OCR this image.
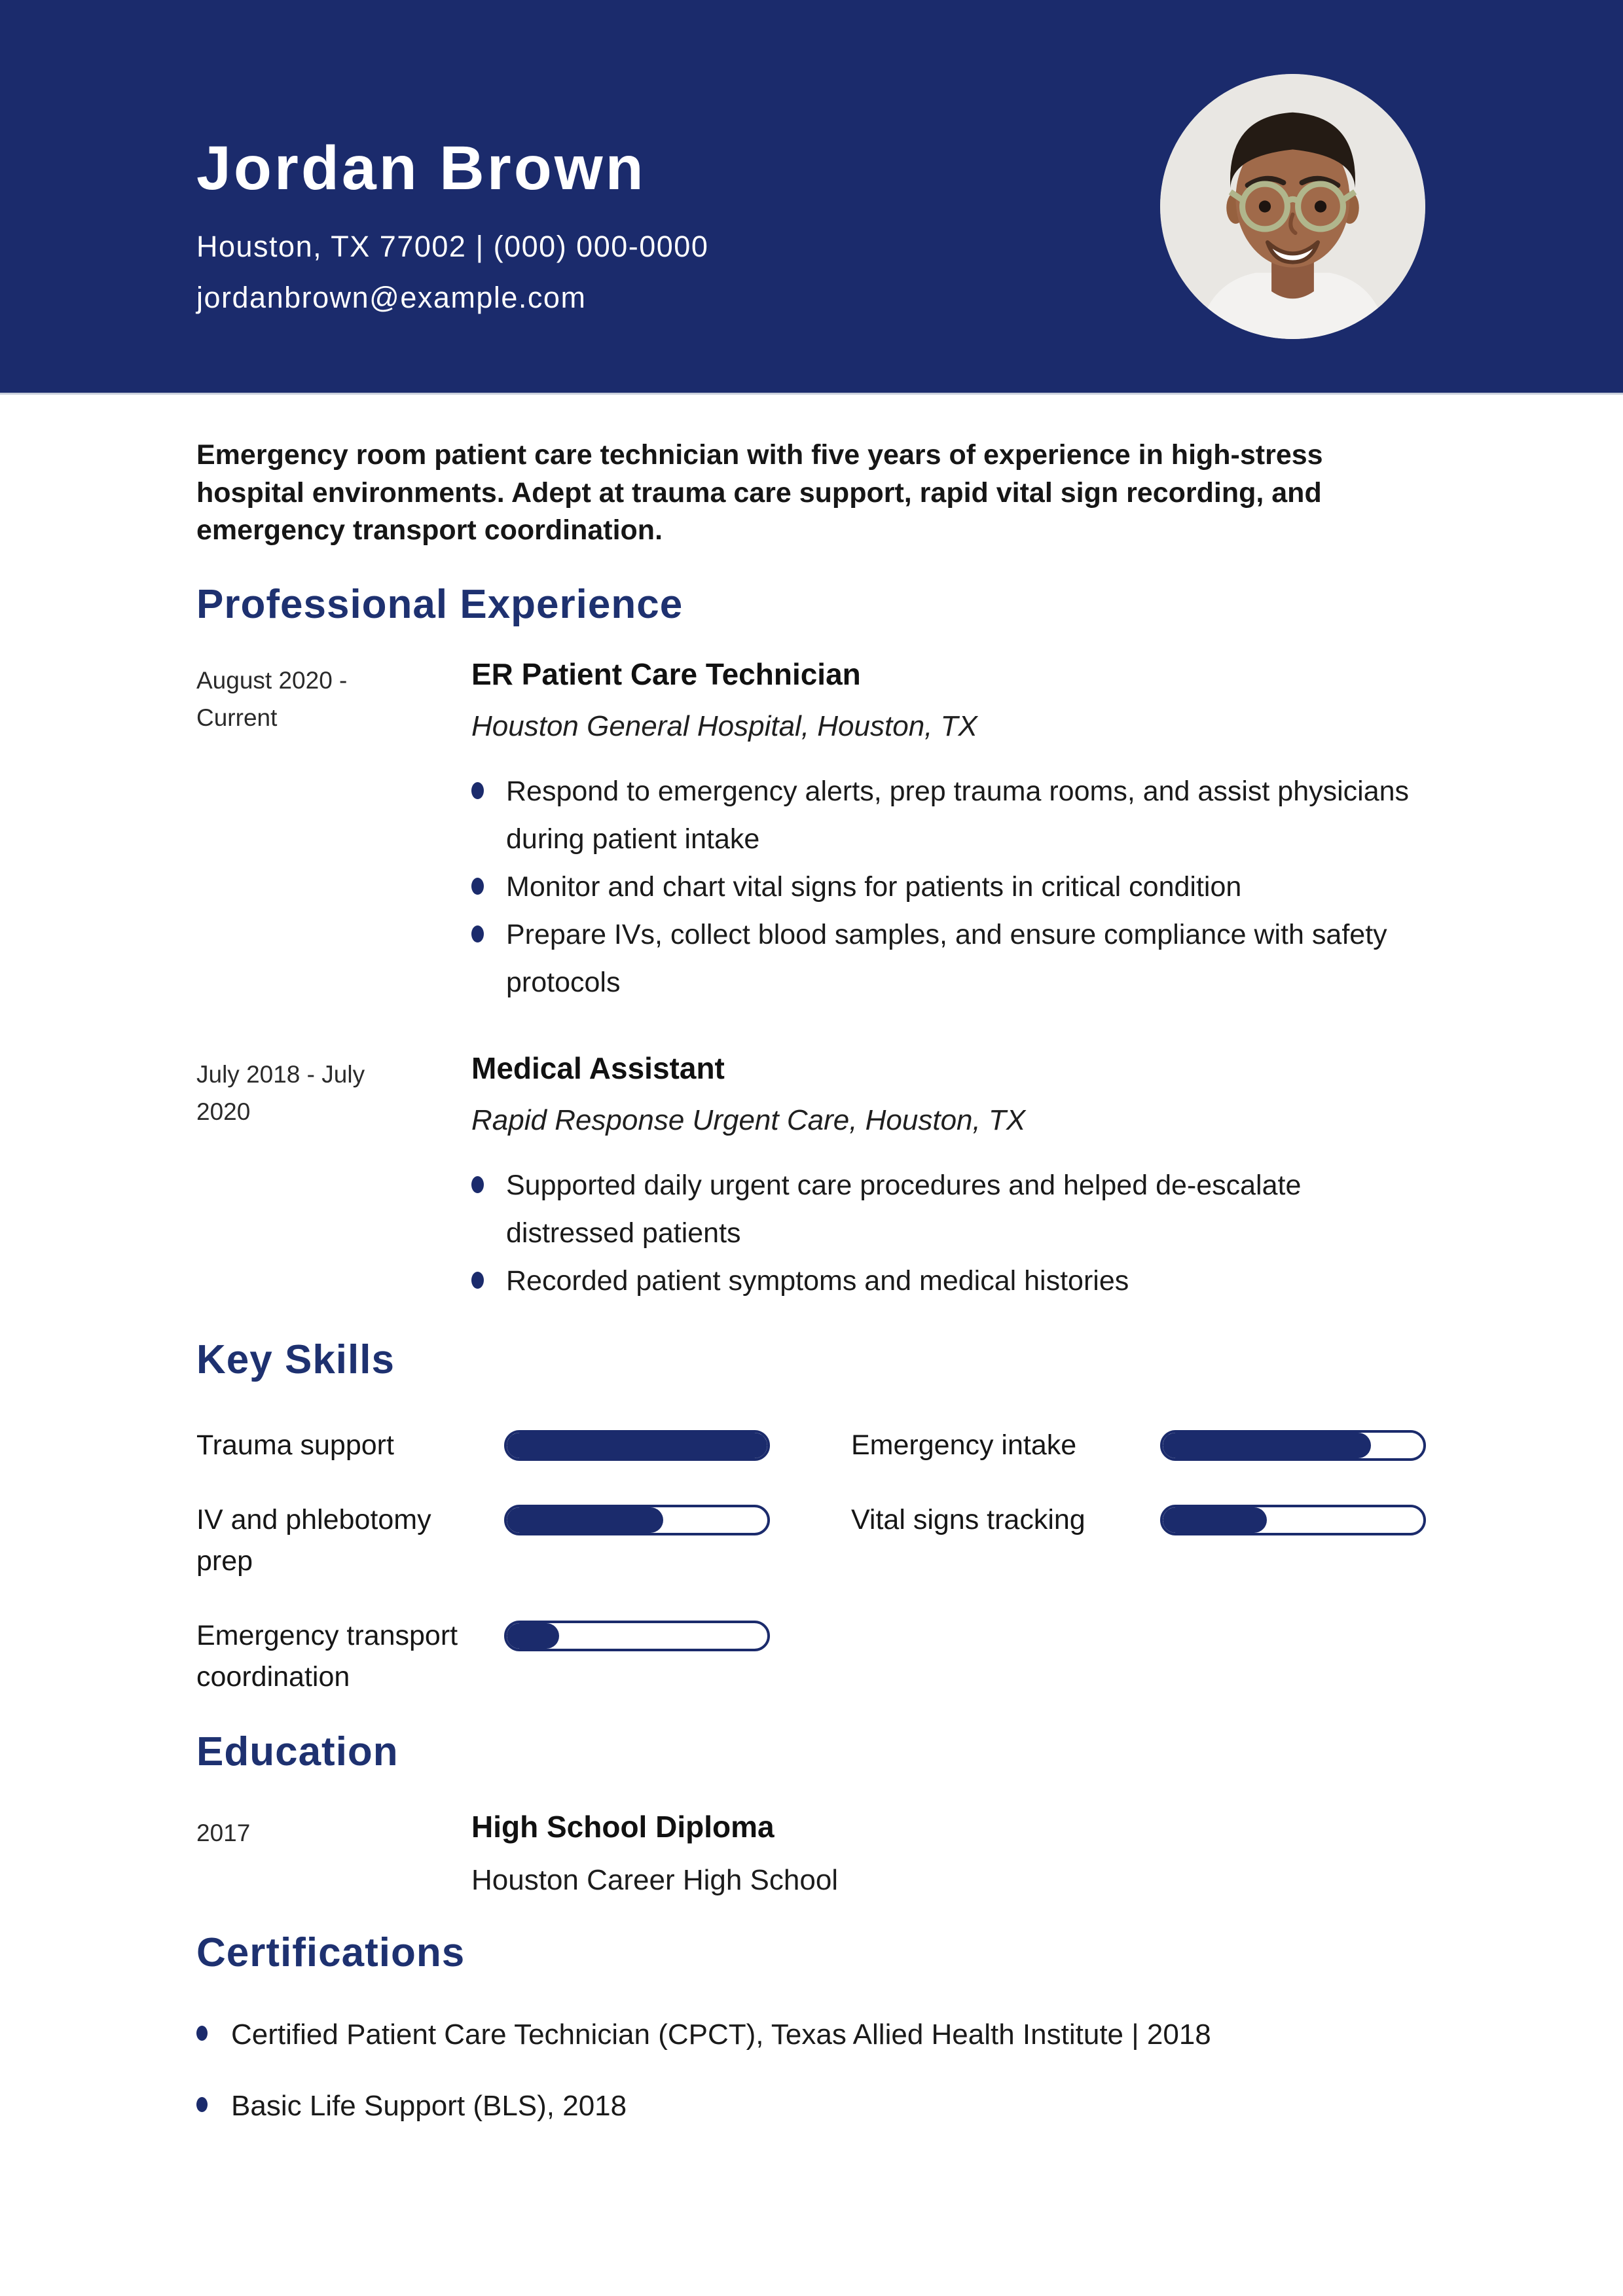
Jordan Brown
Houston, TX 77002 | (000) 000-0000
jordanbrown@example.com

Emergency room patient care technician with five years of experience in high-stress hospital environments. Adept at trauma care support, rapid vital sign recording, and emergency transport coordination.

Professional Experience
August 2020 - Current
ER Patient Care Technician
Houston General Hospital, Houston, TX
Respond to emergency alerts, prep trauma rooms, and assist physicians during patient intake
Monitor and chart vital signs for patients in critical condition
Prepare IVs, collect blood samples, and ensure compliance with safety protocols
July 2018 - July 2020
Medical Assistant
Rapid Response Urgent Care, Houston, TX
Supported daily urgent care procedures and helped de-escalate distressed patients
Recorded patient symptoms and medical histories
Key Skills
Trauma support	Emergency intake
IV and phlebotomy prep
Vital signs tracking
Emergency transport coordination
Education
2017	High School Diploma
Houston Career High School
Certifications
Certified Patient Care Technician (CPCT), Texas Allied Health Institute | 2018
Basic Life Support (BLS), 2018
